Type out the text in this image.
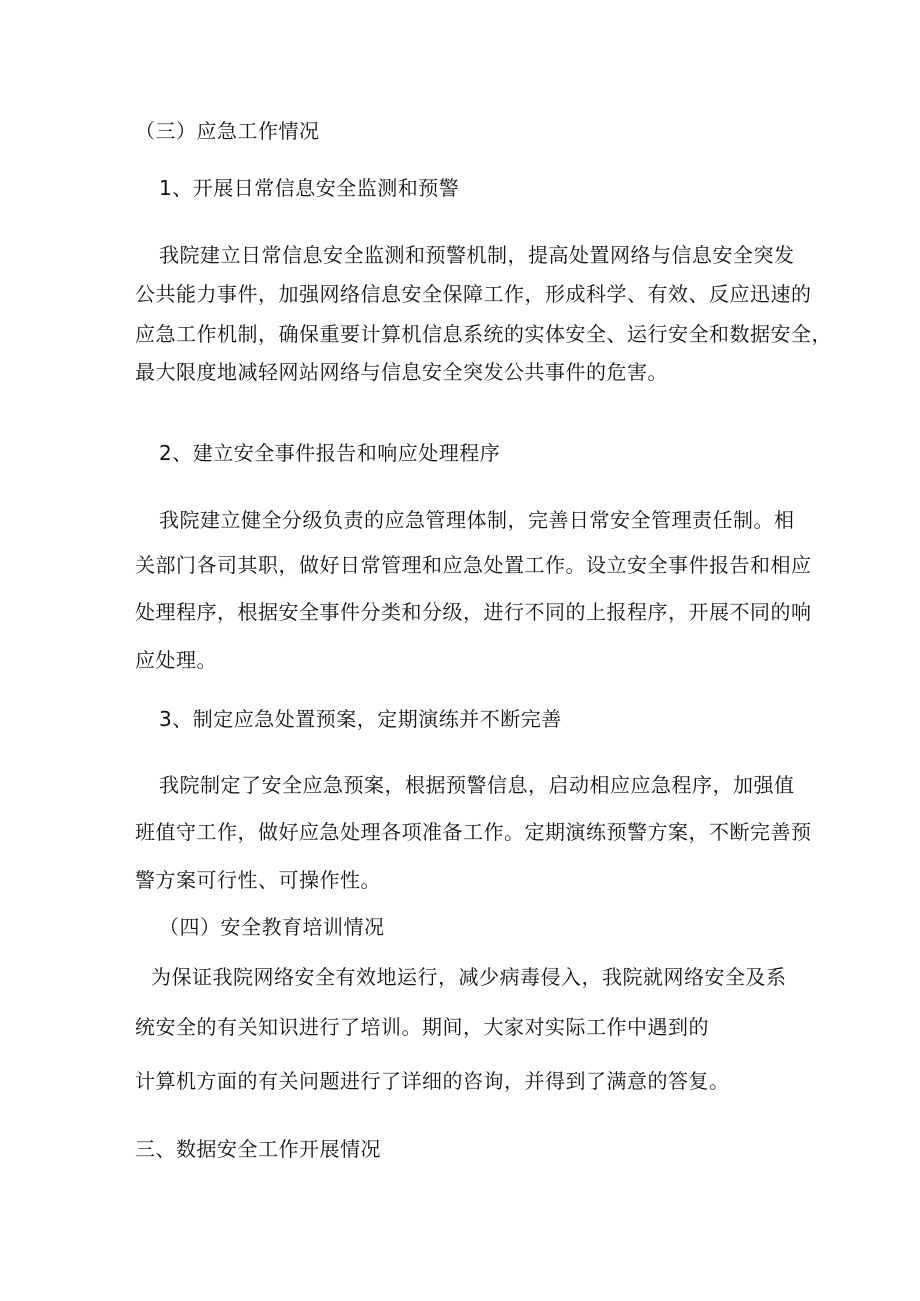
（三）应急工作情况
1、开展日常信息安全监测和预警
我院建立日常信息安全监测和预警机制，提高处置网络与信息安全突发
公共能力事件，加强网络信息安全保障工作，形成科学、有效、反应迅速的
应急工作机制，确保重要计算机信息系统的实体安全、运行安全和数据安全，
最大限度地减轻网站网络与信息安全突发公共事件的危害。
2、建立安全事件报告和响应处理程序
我院建立健全分级负责的应急管理体制，完善日常安全管理责任制。相
关部门各司其职，做好日常管理和应急处置工作。设立安全事件报告和相应
处理程序，根据安全事件分类和分级，进行不同的上报程序，开展不同的响
应处理。
3、制定应急处置预案，定期演练并不断完善
我院制定了安全应急预案，根据预警信息，启动相应应急程序，加强值
班值守工作，做好应急处理各项准备工作。定期演练预警方案，不断完善预
警方案可行性、可操作性。
（四）安全教育培训情况
为保证我院网络安全有效地运行，减少病毒侵入，我院就网络安全及系
统安全的有关知识进行了培训。期间，大家对实际工作中遇到的
计算机方面的有关问题进行了详细的咨询，并得到了满意的答复。
三、数据安全工作开展情况
